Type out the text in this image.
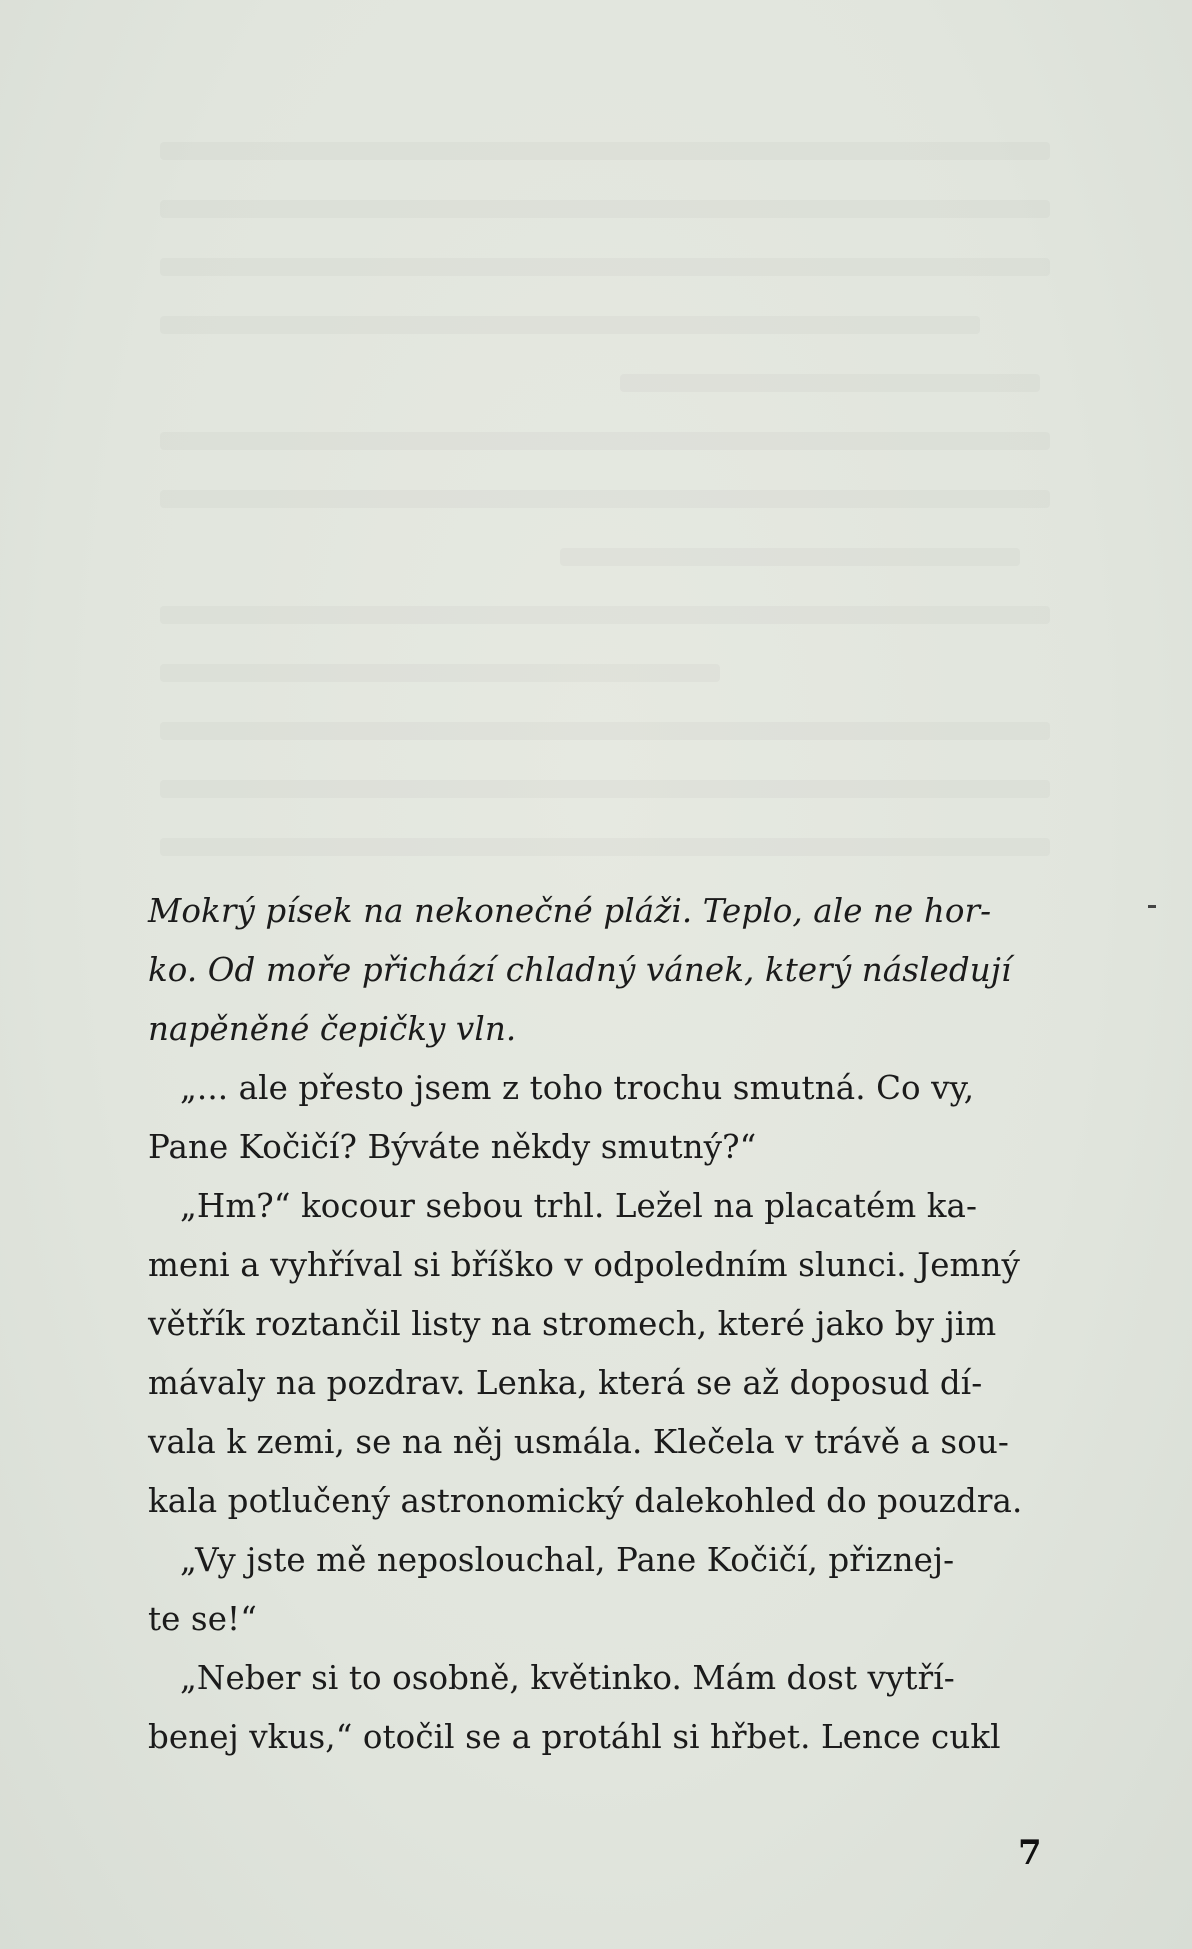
Mokrý písek na nekonečné pláži. Teplo, ale ne hor-
ko. Od moře přichází chladný vánek, který následují
napěněné čepičky vln.
„... ale přesto jsem z toho trochu smutná. Co vy,
Pane Kočičí? Býváte někdy smutný?“
„Hm?“ kocour sebou trhl. Ležel na placatém ka-
meni a vyhříval si bříško v odpoledním slunci. Jemný
větřík roztančil listy na stromech, které jako by jim
mávaly na pozdrav. Lenka, která se až doposud dí-
vala k zemi, se na něj usmála. Klečela v trávě a sou-
kala potlučený astronomický dalekohled do pouzdra.
„Vy jste mě neposlouchal, Pane Kočičí, přiznej-
te se!“
„Neber si to osobně, květinko. Mám dost vytří-
benej vkus,“ otočil se a protáhl si hřbet. Lence cukl
7
